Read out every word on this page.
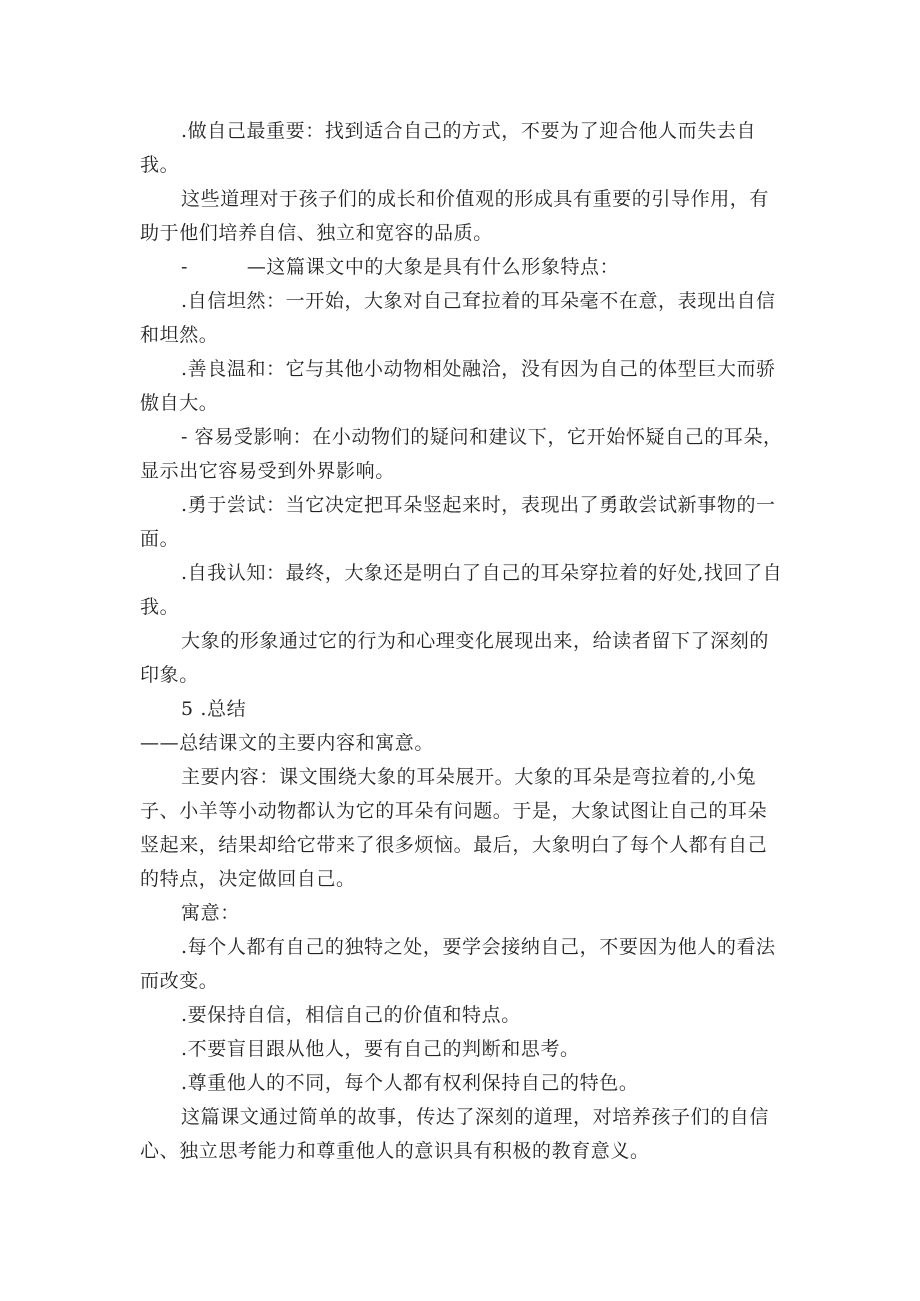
.做自己最重要：找到适合自己的方式，不要为了迎合他人而失去自我。

这些道理对于孩子们的成长和价值观的形成具有重要的引导作用，有助于他们培养自信、独立和宽容的品质。

-　　　—这篇课文中的大象是具有什么形象特点：

.自信坦然：一开始，大象对自己耷拉着的耳朵毫不在意，表现出自信和坦然。

.善良温和：它与其他小动物相处融洽，没有因为自己的体型巨大而骄傲自大。

- 容易受影响：在小动物们的疑问和建议下，它开始怀疑自己的耳朵，显示出它容易受到外界影响。

.勇于尝试：当它决定把耳朵竖起来时，表现出了勇敢尝试新事物的一面。

.自我认知：最终，大象还是明白了自己的耳朵穿拉着的好处,找回了自我。

大象的形象通过它的行为和心理变化展现出来，给读者留下了深刻的印象。

5 .总结

——总结课文的主要内容和寓意。

主要内容：课文围绕大象的耳朵展开。大象的耳朵是弯拉着的,小兔子、小羊等小动物都认为它的耳朵有问题。于是，大象试图让自己的耳朵竖起来，结果却给它带来了很多烦恼。最后，大象明白了每个人都有自己的特点，决定做回自己。

寓意：

.每个人都有自己的独特之处，要学会接纳自己，不要因为他人的看法而改变。

.要保持自信，相信自己的价值和特点。

.不要盲目跟从他人，要有自己的判断和思考。

.尊重他人的不同，每个人都有权利保持自己的特色。

这篇课文通过简单的故事，传达了深刻的道理，对培养孩子们的自信心、独立思考能力和尊重他人的意识具有积极的教育意义。
